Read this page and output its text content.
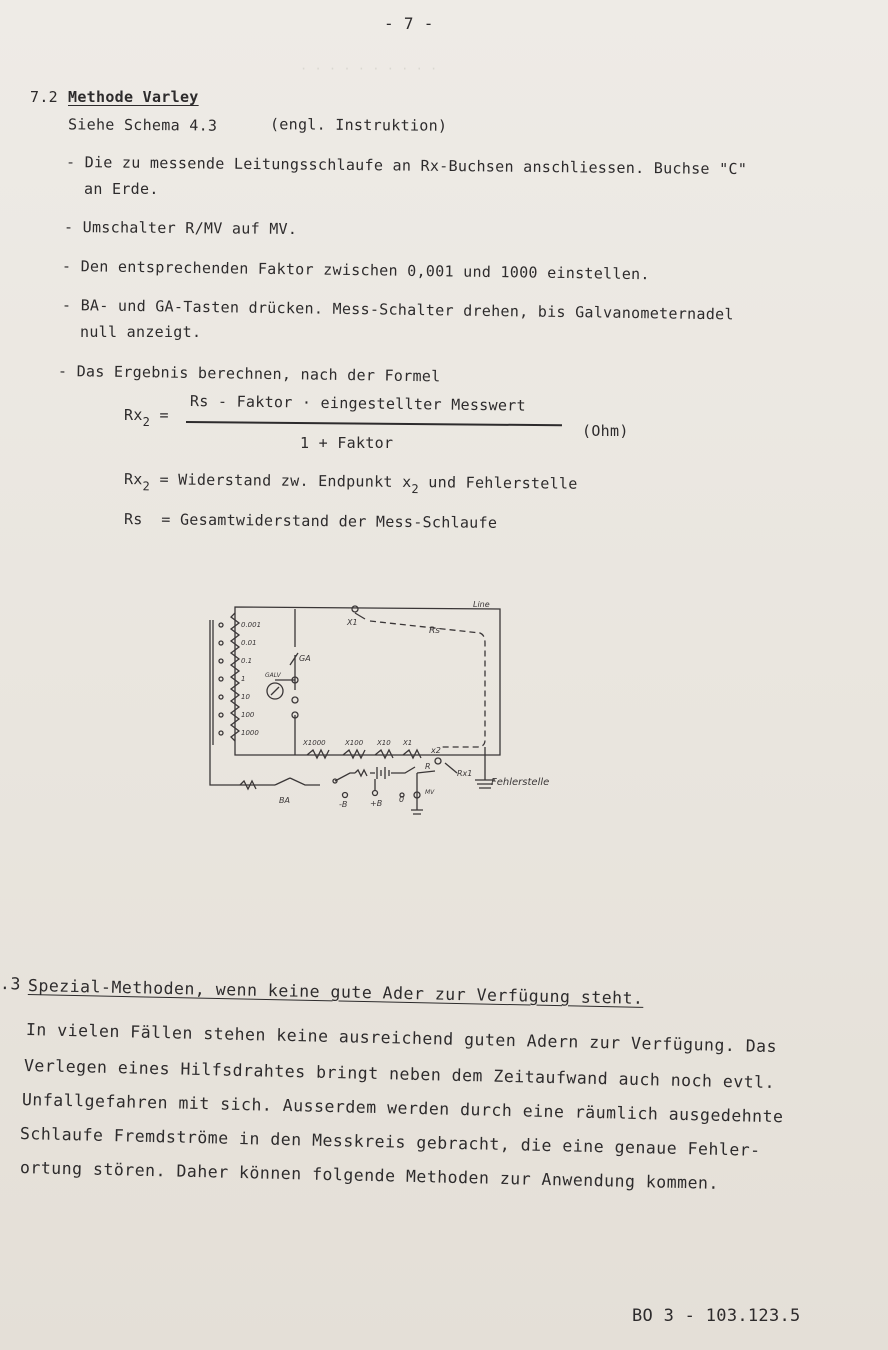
· · · · · · · · · ·
- 7 -
7.2 Methode Varley
Siehe Schema 4.3	(engl. Instruktion)
- Die zu messende Leitungsschlaufe an Rx-Buchsen anschliessen. Buchse "C"
an Erde.
- Umschalter R/MV auf MV.
- Den entsprechenden Faktor zwischen 0,001 und 1000 einstellen.
- BA- und GA-Tasten drücken. Mess-Schalter drehen, bis Galvanometernadel
null anzeigt.
- Das Ergebnis berechnen, nach der Formel
$Rx_2$ =
Rs - Faktor · eingestellter Messwert
1 + Faktor
(Ohm)
$Rx_2$ = Widerstand zw. Endpunkt $x_2$ und Fehlerstelle
Rs = Gesamtwiderstand der Mess-Schlaufe
Line
X1
Rs
GA
GALV
x2
Rx1
Fehlerstelle
BA	-B	+B
R
MV
0
0.001
0.01
0.1
1
10
100
1000
X1000	X100 X10 X1
.3 Spezial-Methoden, wenn keine gute Ader zur Verfügung steht.
In vielen Fällen stehen keine ausreichend guten Adern zur Verfügung. Das
Verlegen eines Hilfsdrahtes bringt neben dem Zeitaufwand auch noch evtl.
Unfallgefahren mit sich. Ausserdem werden durch eine räumlich ausgedehnte
Schlaufe Fremdströme in den Messkreis gebracht, die eine genaue Fehler-
ortung stören. Daher können folgende Methoden zur Anwendung kommen.
BO 3 - 103.123.5
